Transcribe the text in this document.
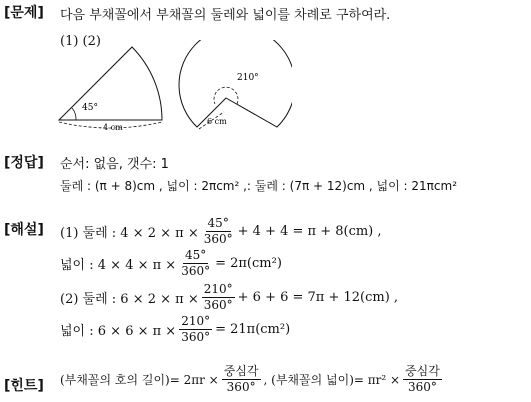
[문제] 다음 부채꼴에서 부채꼴의 둘레와 넓이를 차례로 구하여라.
(1) (2)
45°
4 cm
210°
6 cm
[정답] 순서: 없음, 갯수: 1
둘레 : (π + 8)cm , 넓이 : 2πcm² ,: 둘레 : (7π + 12)cm , 넓이 : 21πcm²
[해설] (1) 둘레 : $4 \times 2 \times \pi \times \frac{45^\circ}{360^\circ} + 4 + 4 = \pi + 8(cm)$ ,
넓이 : $4 \times 4 \times \pi \times \frac{45^\circ}{360^\circ} = 2\pi(cm^2)$
(2) 둘레 : $6 \times 2 \times \pi \times \frac{210^\circ}{360^\circ} + 6 + 6 = 7\pi + 12(cm)$ ,
넓이 : $6 \times 6 \times \pi \times \frac{210^\circ}{360^\circ} = 21\pi(cm^2)$
[힌트] (부채꼴의 호의 길이)= $2\pi r \times \frac{\text{중심각}}{360^\circ}$ , (부채꼴의 넓이)= $\pi r^2 \times \frac{\text{중심각}}{360^\circ}$
